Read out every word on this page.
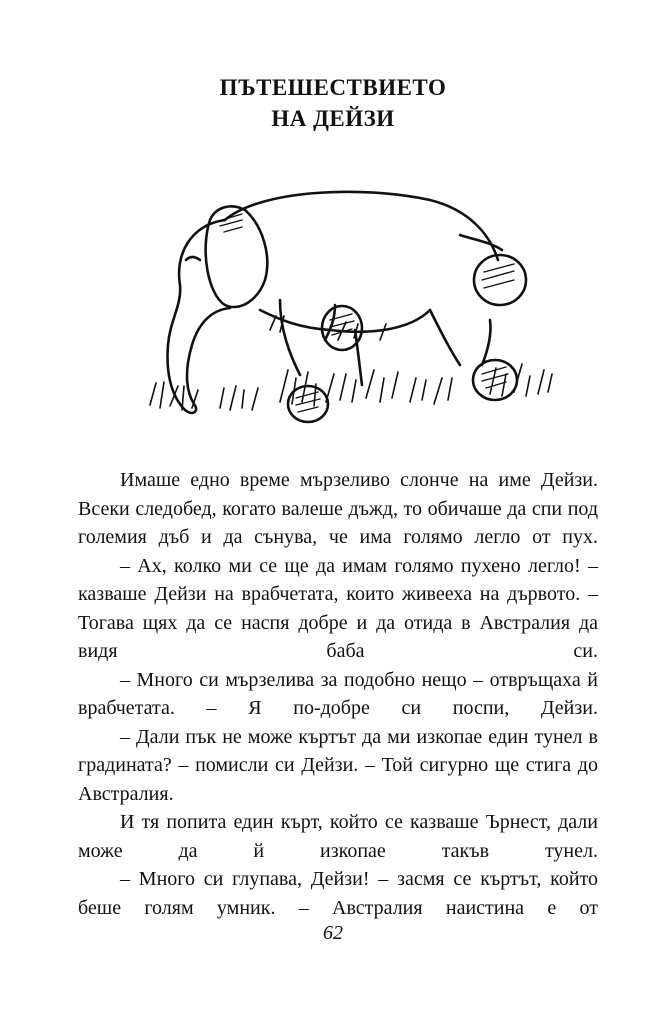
ПЪТЕШЕСТВИЕТО
НА ДЕЙЗИ

Имаше едно време мързеливо слонче на име Дейзи. Всеки следобед, когато валеше дъжд, то обичаше да спи под големия дъб и да сънува, че има голямо легло от пух.

– Ах, колко ми се ще да имам голямо пухено легло! – казваше Дейзи на врабчетата, които живееха на дървото. – Тогава щях да се наспя добре и да отида в Австралия да видя баба си.

– Много си мързелива за подобно нещо – отвръщаха й врабчетата. – Я по-добре си поспи, Дейзи.

– Дали пък не може къртът да ми изкопае един тунел в градината? – помисли си Дейзи. – Той сигурно ще стига до Австралия.

И тя попита един кърт, който се казваше Ърнест, дали може да й изкопае такъв тунел.

– Много си глупава, Дейзи! – засмя се къртът, който беше голям умник. – Австралия наистина е от

62
